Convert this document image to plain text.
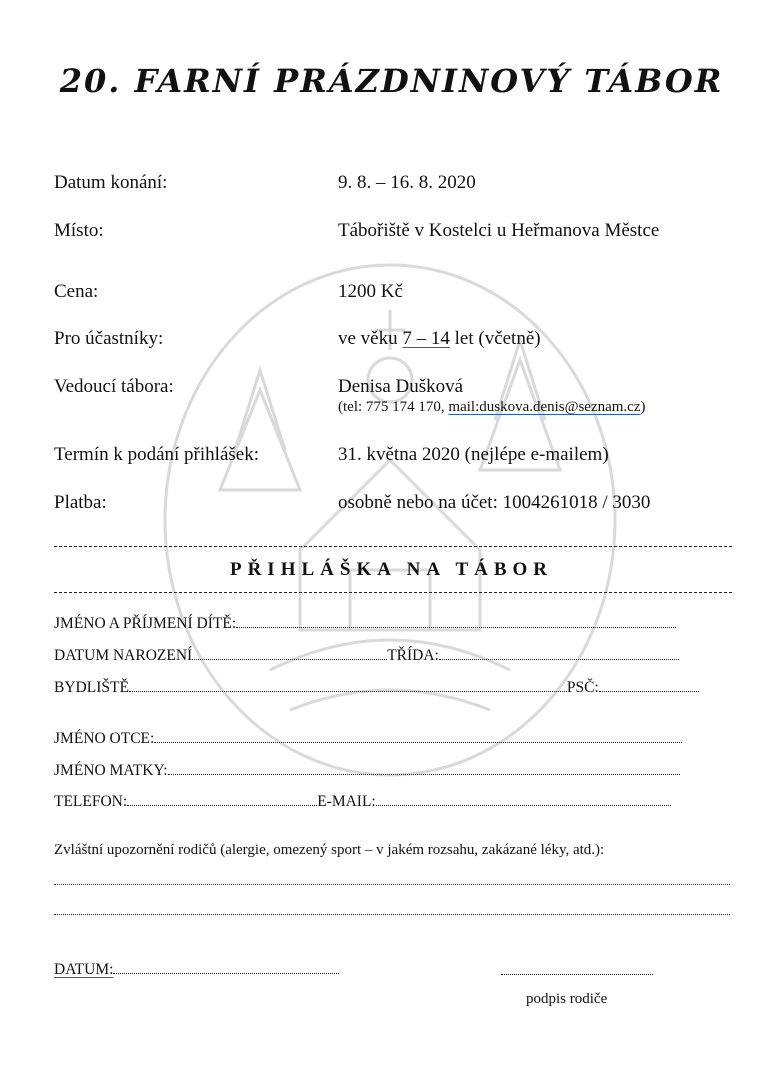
20. FARNÍ PRÁZDNINOVÝ TÁBOR
Datum konání:	9. 8. – 16. 8. 2020
Místo:	Tábořiště v Kostelci u Heřmanova Městce
Cena:	1200 Kč
Pro účastníky:	ve věku 7 – 14 let (včetně)
Vedoucí tábora:	Denisa Dušková
(tel: 775 174 170, mail:duskova.denis@seznam.cz)
Termín k podání přihlášek:	31. května 2020 (nejlépe e-mailem)
Platba:	osobně nebo na účet: 1004261018 / 3030
PŘIHLÁŠKA NA TÁBOR
JMÉNO A PŘÍJMENÍ DÍTĚ:
DATUM NAROZENÍ	TŘÍDA:
BYDLIŠTĚ	PSČ:
JMÉNO OTCE:
JMÉNO MATKY:
TELEFON:	E-MAIL:
Zvláštní upozornění rodičů (alergie, omezený sport – v jakém rozsahu, zakázané léky, atd.):
DATUM:
podpis rodiče
